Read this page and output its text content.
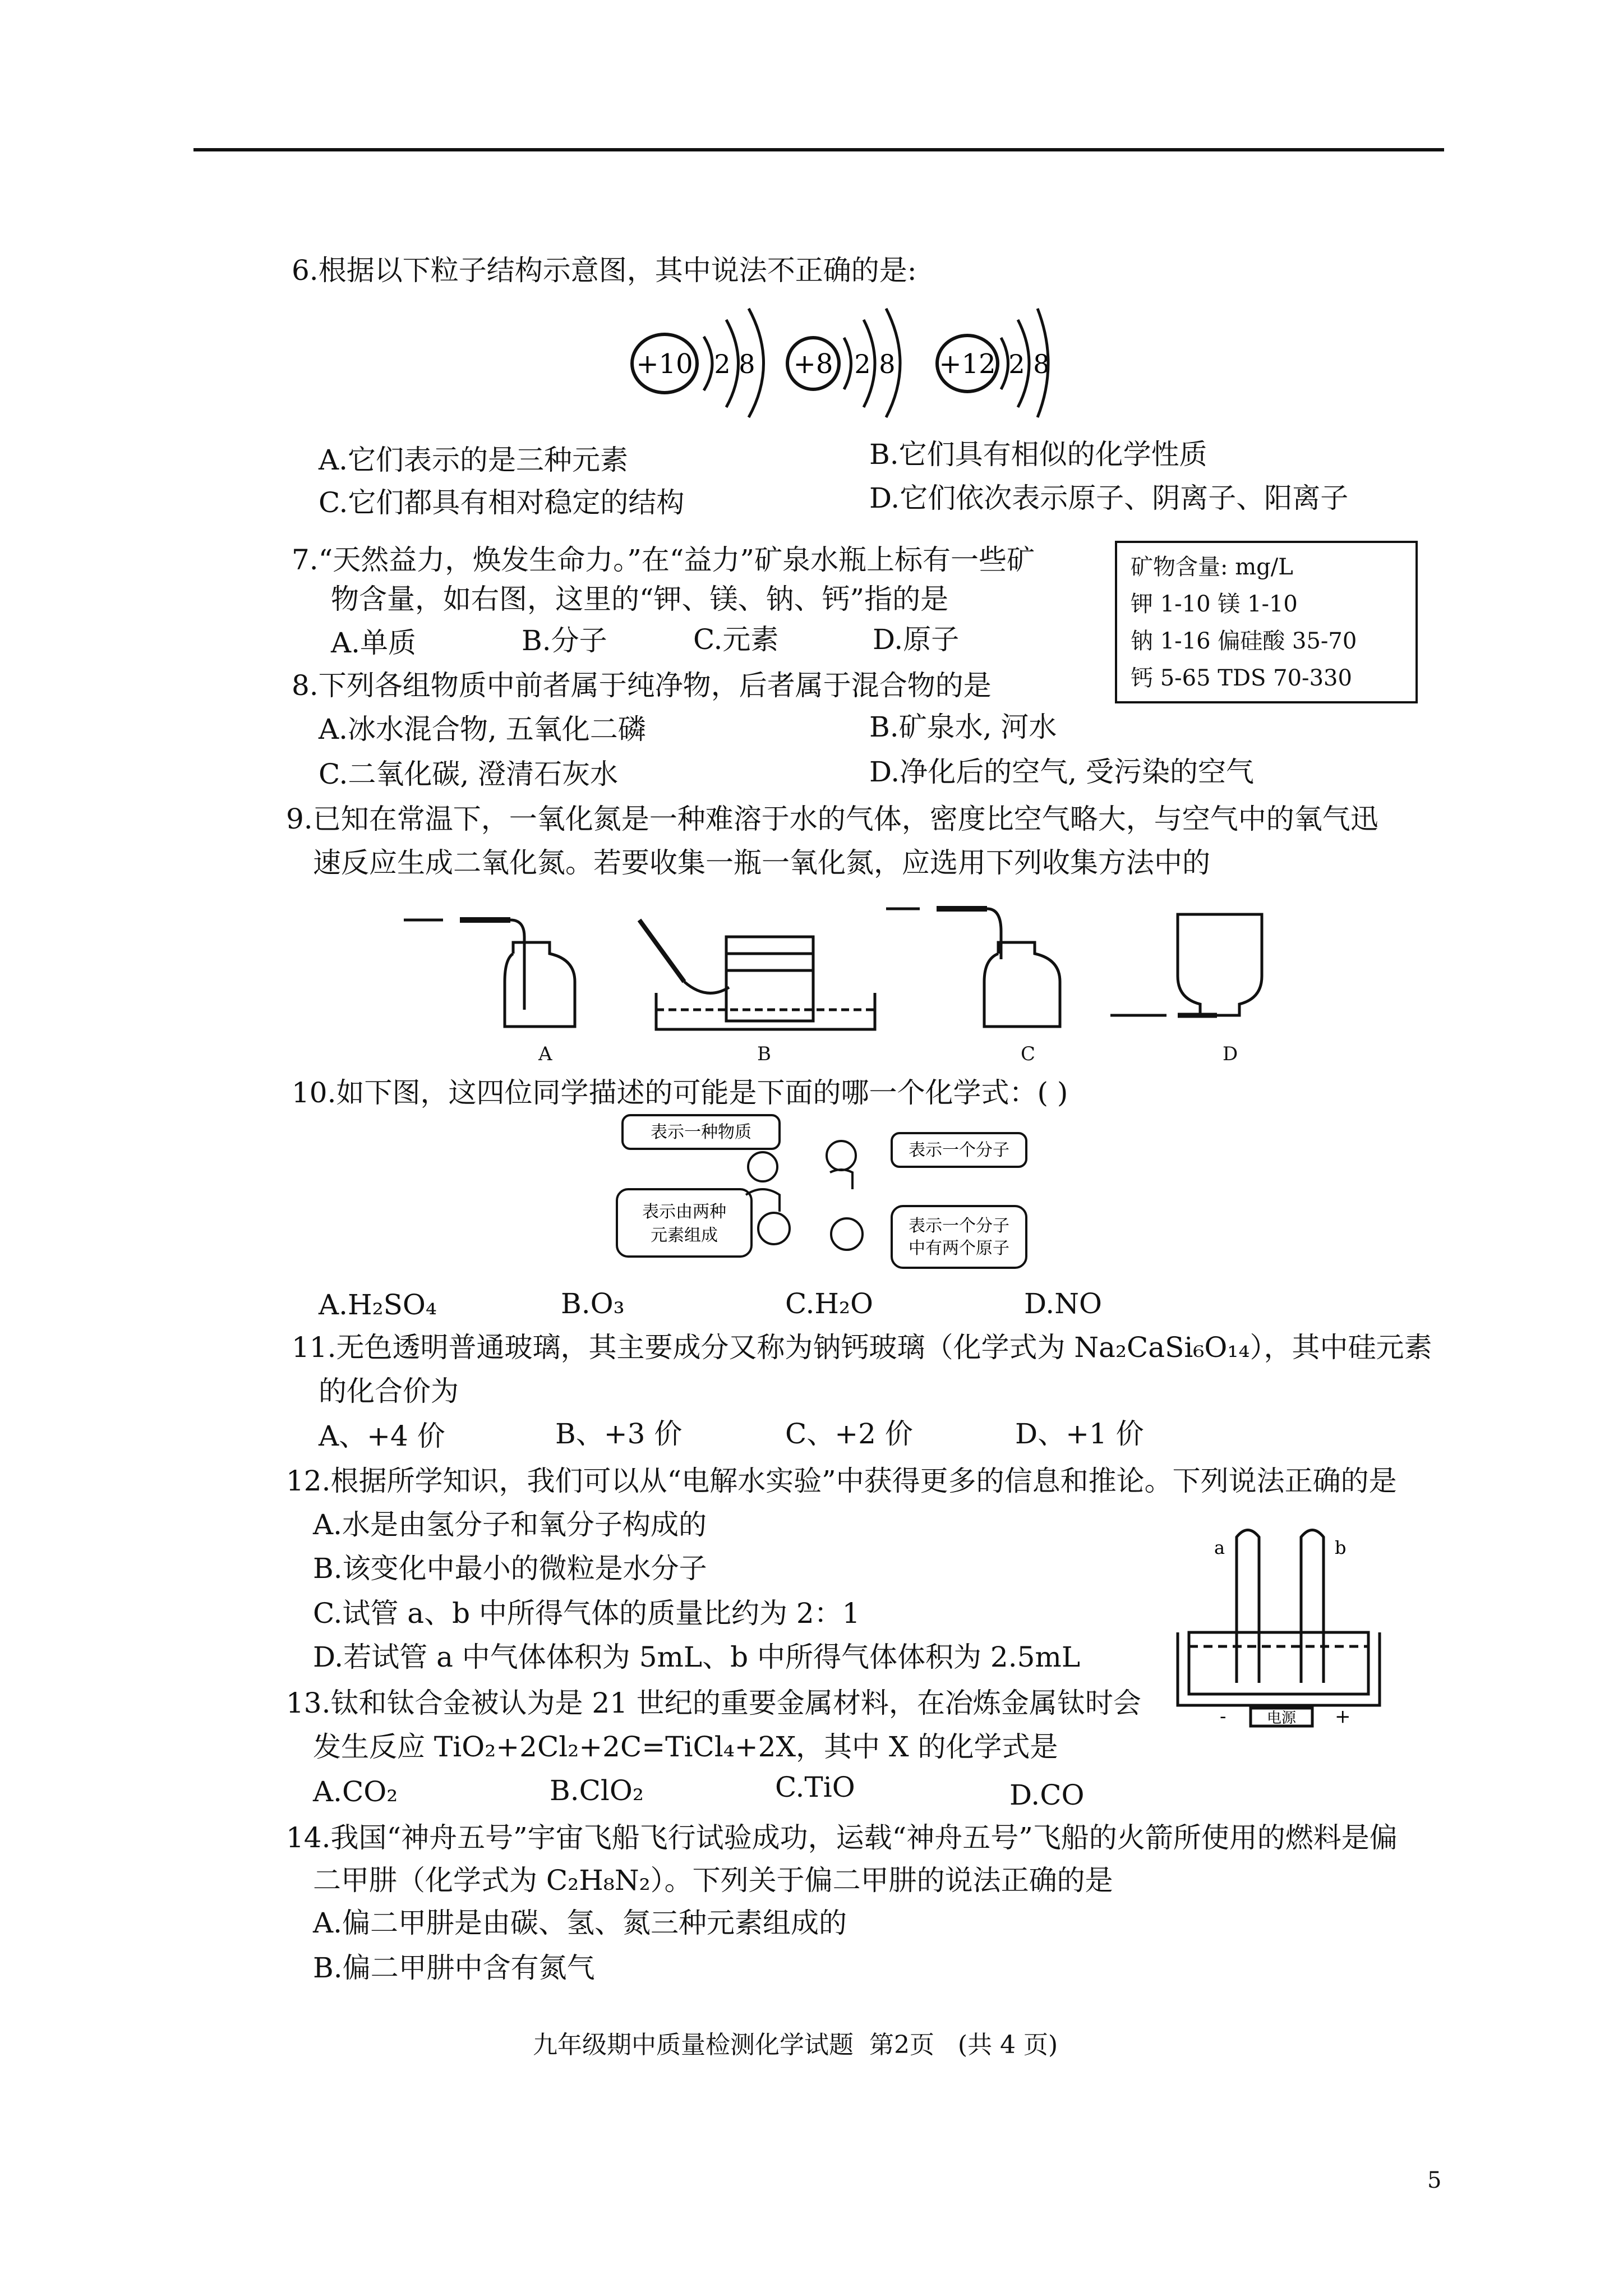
6.根据以下粒子结构示意图，其中说法不正确的是:
+10 2 8 +8 2 8 +12 2 8
A.它们表示的是三种元素	B.它们具有相似的化学性质
C.它们都具有相对稳定的结构	D.它们依次表示原子、阴离子、阳离子
7.“天然益力，焕发生命力。”在“益力”矿泉水瓶上标有一些矿
物含量，如右图，这里的“钾、镁、钠、钙”指的是
A.单质	B.分子	C.元素	D.原子
矿物含量: mg/L
钾 1-10 镁 1-10
钠 1-16 偏硅酸 35-70
钙 5-65 TDS 70-330
8.下列各组物质中前者属于纯净物，后者属于混合物的是
A.冰水混合物, 五氧化二磷	B.矿泉水, 河水
C.二氧化碳, 澄清石灰水	D.净化后的空气, 受污染的空气
9.已知在常温下，一氧化氮是一种难溶于水的气体，密度比空气略大，与空气中的氧气迅
速反应生成二氧化氮。若要收集一瓶一氧化氮，应选用下列收集方法中的
A	B	C	D
10.如下图，这四位同学描述的可能是下面的哪一个化学式：( )
表示一种物质
表示一个分子
表示由两种
元素组成	表示一个分子
中有两个原子
A.H₂SO₄	B.O₃	C.H₂O	D.NO
11.无色透明普通玻璃，其主要成分又称为钠钙玻璃（化学式为 Na₂CaSi₆O₁₄），其中硅元素
的化合价为
A、+4 价	B、+3 价	C、+2 价	D、+1 价
12.根据所学知识，我们可以从“电解水实验”中获得更多的信息和推论。下列说法正确的是
A.水是由氢分子和氧分子构成的
B.该变化中最小的微粒是水分子
C.试管 a、b 中所得气体的质量比约为 2：1
D.若试管 a 中气体体积为 5mL、b 中所得气体体积为 2.5mL
a	b
电源
-	+
13.钛和钛合金被认为是 21 世纪的重要金属材料，在冶炼金属钛时会
发生反应 TiO₂+2Cl₂+2C=TiCl₄+2X，其中 X 的化学式是
A.CO₂	B.ClO₂	C.TiO	D.CO
14.我国“神舟五号”宇宙飞船飞行试验成功，运载“神舟五号”飞船的火箭所使用的燃料是偏
二甲肼（化学式为 C₂H₈N₂）。下列关于偏二甲肼的说法正确的是
A.偏二甲肼是由碳、氢、氮三种元素组成的
B.偏二甲肼中含有氮气
九年级期中质量检测化学试题  第2页   (共 4 页)
5
